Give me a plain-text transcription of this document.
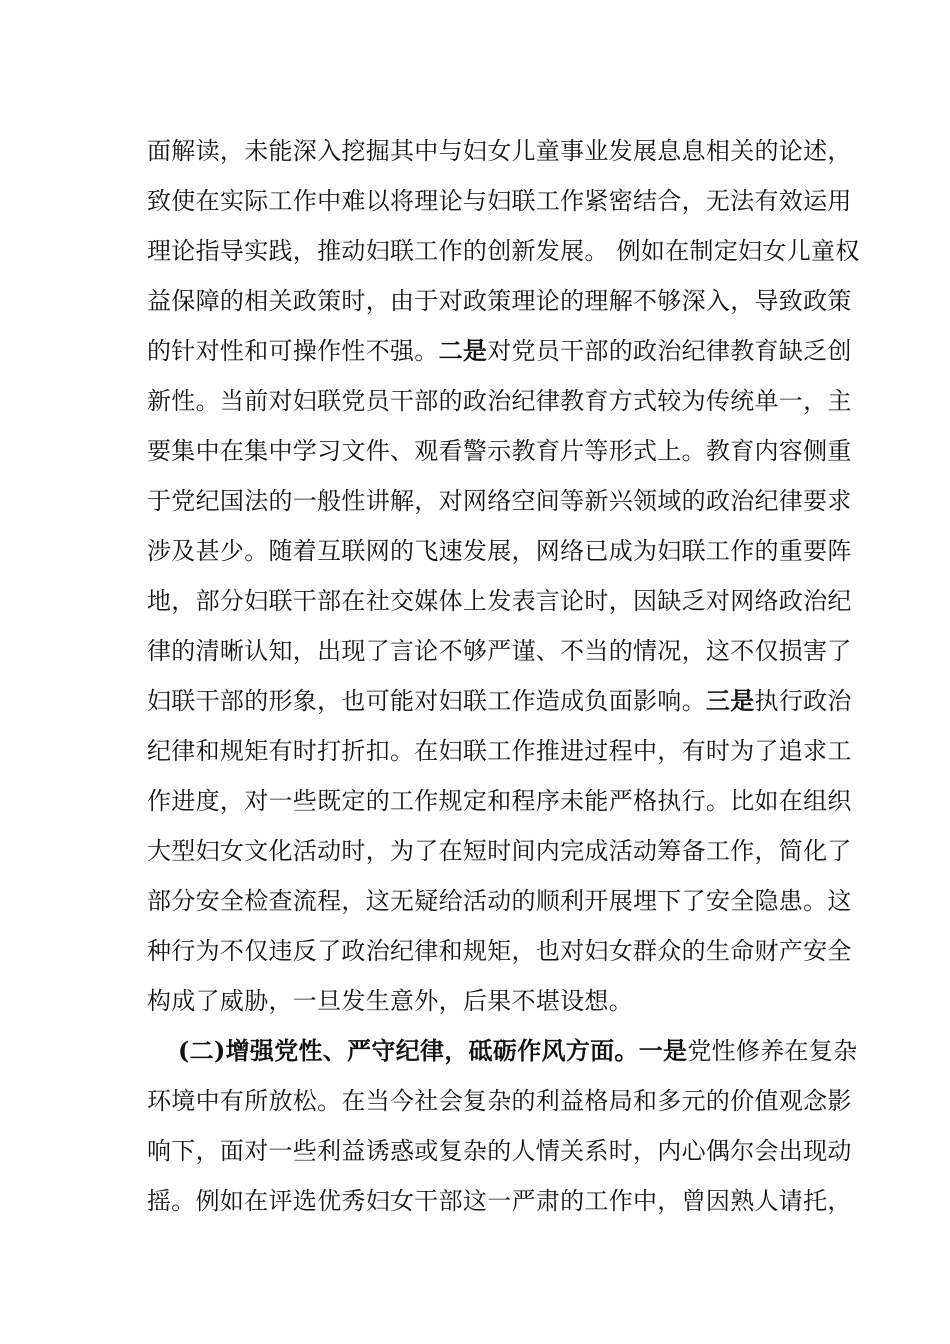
面解读，未能深入挖掘其中与妇女儿童事业发展息息相关的论述，
致使在实际工作中难以将理论与妇联工作紧密结合，无法有效运用
理论指导实践，推动妇联工作的创新发展。 例如在制定妇女儿童权
益保障的相关政策时，由于对政策理论的理解不够深入，导致政策
的针对性和可操作性不强。二是对党员干部的政治纪律教育缺乏创
新性。当前对妇联党员干部的政治纪律教育方式较为传统单一，主
要集中在集中学习文件、观看警示教育片等形式上。教育内容侧重
于党纪国法的一般性讲解，对网络空间等新兴领域的政治纪律要求
涉及甚少。随着互联网的飞速发展，网络已成为妇联工作的重要阵
地，部分妇联干部在社交媒体上发表言论时，因缺乏对网络政治纪
律的清晰认知，出现了言论不够严谨、不当的情况，这不仅损害了
妇联干部的形象，也可能对妇联工作造成负面影响。三是执行政治
纪律和规矩有时打折扣。在妇联工作推进过程中，有时为了追求工
作进度，对一些既定的工作规定和程序未能严格执行。比如在组织
大型妇女文化活动时，为了在短时间内完成活动筹备工作，简化了
部分安全检查流程，这无疑给活动的顺利开展埋下了安全隐患。这
种行为不仅违反了政治纪律和规矩，也对妇女群众的生命财产安全
构成了威胁，一旦发生意外，后果不堪设想。
(二)增强党性、严守纪律，砥砺作风方面。一是党性修养在复杂
环境中有所放松。在当今社会复杂的利益格局和多元的价值观念影
响下，面对一些利益诱惑或复杂的人情关系时，内心偶尔会出现动
摇。例如在评选优秀妇女干部这一严肃的工作中，曾因熟人请托，
